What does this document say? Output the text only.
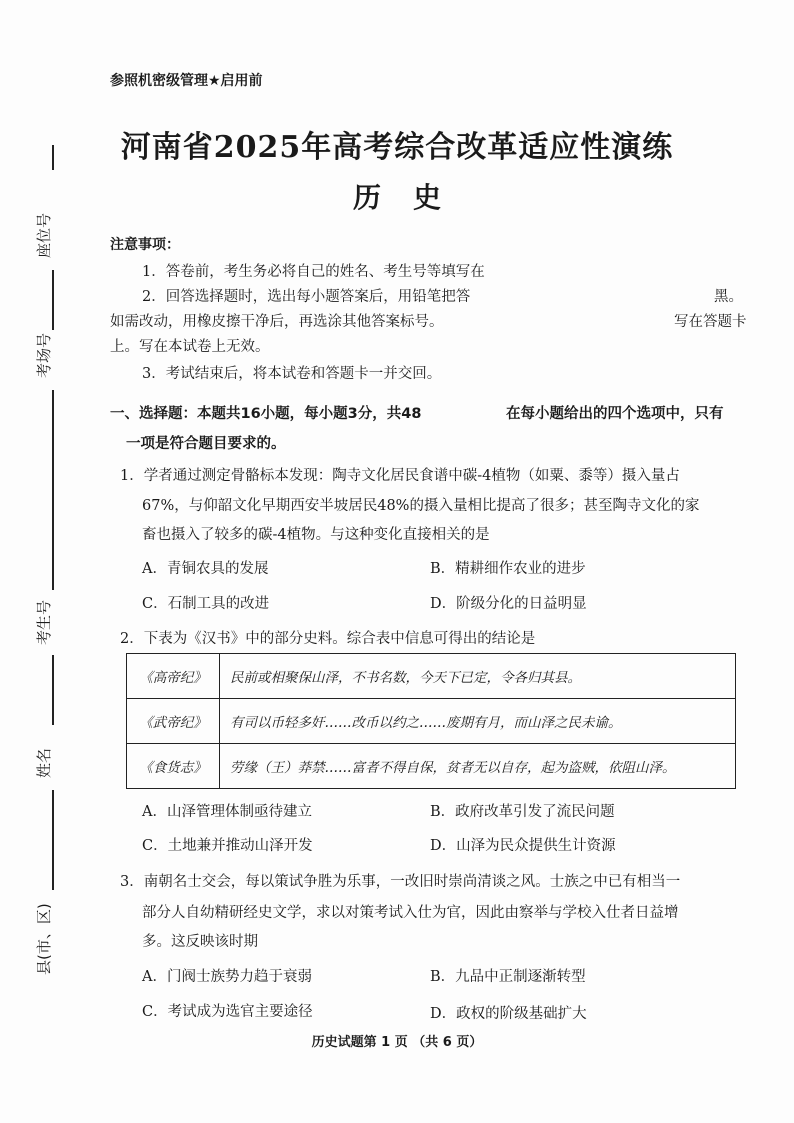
座位号
考场号
考生号
姓名
县(市、区)
参照机密级管理★启用前
河南省2025年高考综合改革适应性演练
历史
注意事项：
1．答卷前，考生务必将自己的姓名、考生号等填写在
2．回答选择题时，选出每小题答案后，用铅笔把答	黑。
如需改动，用橡皮擦干净后，再选涂其他答案标号。	写在答题卡
上。写在本试卷上无效。
3．考试结束后，将本试卷和答题卡一并交回。
一、选择题：本题共16小题，每小题3分，共48	在每小题给出的四个选项中，只有
一项是符合题目要求的。
1．学者通过测定骨骼标本发现：陶寺文化居民食谱中碳-4植物（如粟、黍等）摄入量占
67%，与仰韶文化早期西安半坡居民48%的摄入量相比提高了很多；甚至陶寺文化的家
畜也摄入了较多的碳-4植物。与这种变化直接相关的是
A．青铜农具的发展	B．精耕细作农业的进步
C．石制工具的改进	D．阶级分化的日益明显
2．下表为《汉书》中的部分史料。综合表中信息可得出的结论是
《高帝纪》	民前或相聚保山泽，不书名数，今天下已定，令各归其县。
《武帝纪》	有司以币轻多奸……改币以约之……废期有月，而山泽之民未谕。
《食货志》	劳缘（王）莽禁……富者不得自保，贫者无以自存，起为盗贼，依阻山泽。
A．山泽管理体制亟待建立	B．政府改革引发了流民问题
C．土地兼并推动山泽开发	D．山泽为民众提供生计资源
3．南朝名士交会，每以策试争胜为乐事，一改旧时崇尚清谈之风。士族之中已有相当一
部分人自幼精研经史文学，求以对策考试入仕为官，因此由察举与学校入仕者日益增
多。这反映该时期
A．门阀士族势力趋于衰弱	B．九品中正制逐渐转型
C．考试成为选官主要途径	D．政权的阶级基础扩大
历史试题第 1 页 （共 6 页）
